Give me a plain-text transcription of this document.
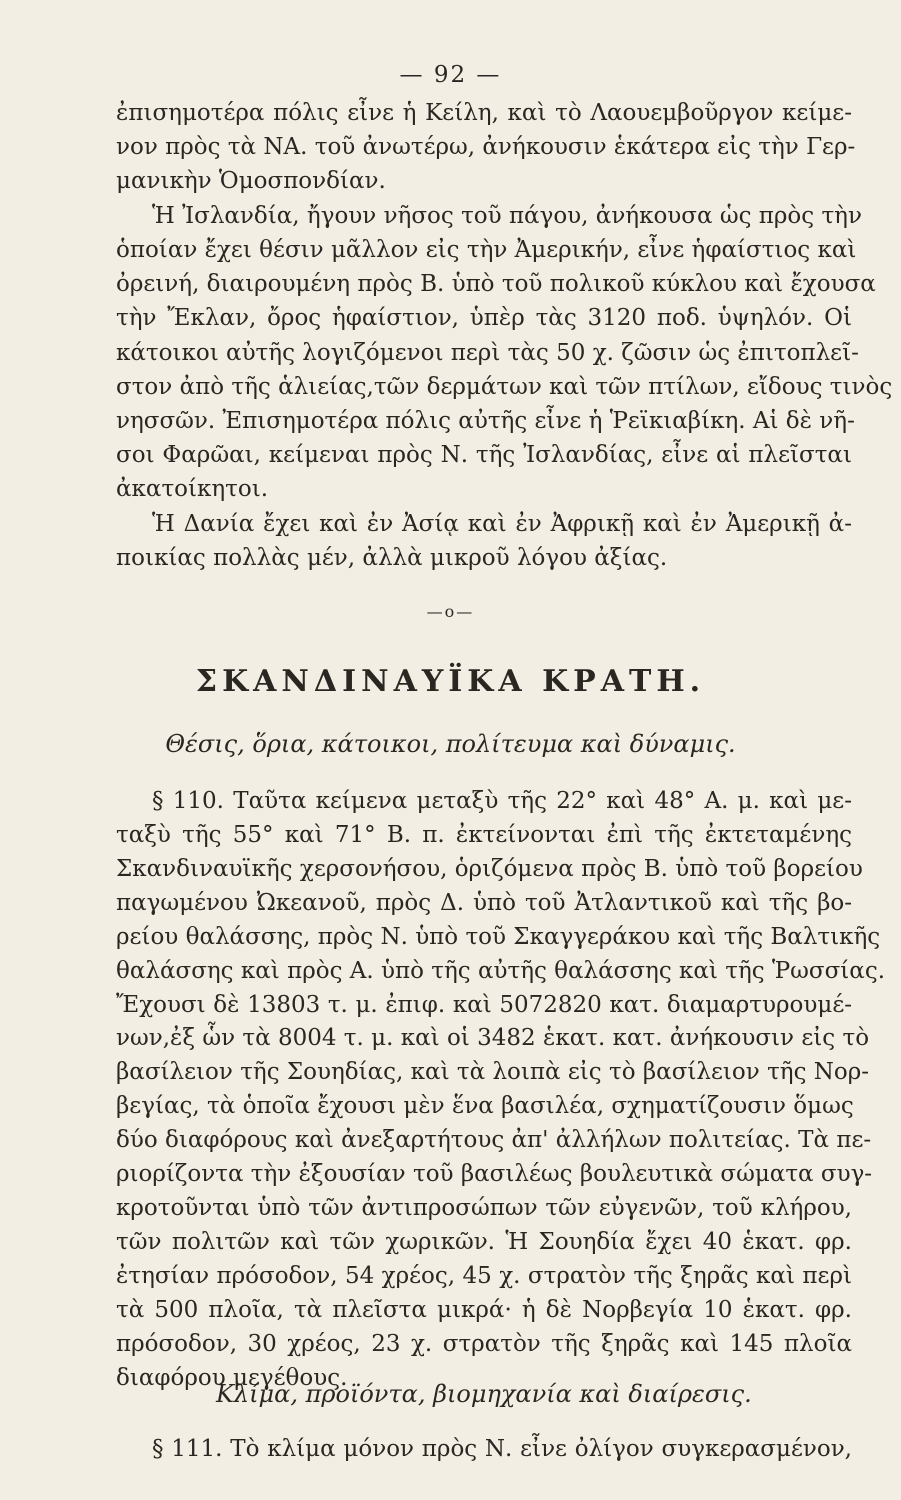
— 92 —
ἐπισημοτέρα πόλις εἶνε ἡ Κείλη, καὶ τὸ Λαουεμβοῦργον κείμε-
νον πρὸς τὰ ΝΑ. τοῦ ἀνωτέρω, ἀνήκουσιν ἑκάτερα εἰς τὴν Γερ-
μανικὴν Ὁμοσπονδίαν.
Ἡ Ἰσλανδία, ἤγουν νῆσος τοῦ πάγου, ἀνήκουσα ὡς πρὸς τὴν
ὁποίαν ἔχει θέσιν μᾶλλον εἰς τὴν Ἀμερικήν, εἶνε ἡφαίστιος καὶ
ὀρεινή, διαιρουμένη πρὸς Β. ὑπὸ τοῦ πολικοῦ κύκλου καὶ ἔχουσα
τὴν Ἔκλαν, ὄρος ἡφαίστιον, ὑπὲρ τὰς 3120 ποδ. ὑψηλόν. Οἱ
κάτοικοι αὐτῆς λογιζόμενοι περὶ τὰς 50 χ. ζῶσιν ὡς ἐπιτοπλεῖ-
στον ἀπὸ τῆς ἁλιείας,τῶν δερμάτων καὶ τῶν πτίλων, εἴδους τινὸς
νησσῶν. Ἐπισημοτέρα πόλις αὐτῆς εἶνε ἡ Ῥεϊκιαβίκη. Αἱ δὲ νῆ-
σοι Φαρῶαι, κείμεναι πρὸς Ν. τῆς Ἰσλανδίας, εἶνε αἱ πλεῖσται
ἀκατοίκητοι.
Ἡ Δανία ἔχει καὶ ἐν Ἀσίᾳ καὶ ἐν Ἀφρικῇ καὶ ἐν Ἀμερικῇ ἀ-
ποικίας πολλὰς μέν, ἀλλὰ μικροῦ λόγου ἀξίας.
—o—
ΣΚΑΝΔΙΝΑΥΪΚΑ ΚΡΑΤΗ.
Θέσις, ὅρια, κάτοικοι, πολίτευμα καὶ δύναμις.
§ 110. Ταῦτα κείμενα μεταξὺ τῆς 22° καὶ 48° Α. μ. καὶ με-
ταξὺ τῆς 55° καὶ 71° Β. π. ἐκτείνονται ἐπὶ τῆς ἐκτεταμένης
Σκανδιναυϊκῆς χερσονήσου, ὁριζόμενα πρὸς Β. ὑπὸ τοῦ βορείου
παγωμένου Ὠκεανοῦ, πρὸς Δ. ὑπὸ τοῦ Ἀτλαντικοῦ καὶ τῆς βο-
ρείου θαλάσσης, πρὸς Ν. ὑπὸ τοῦ Σκαγγεράκου καὶ τῆς Βαλτικῆς
θαλάσσης καὶ πρὸς Α. ὑπὸ τῆς αὐτῆς θαλάσσης καὶ τῆς Ῥωσσίας.
Ἔχουσι δὲ 13803 τ. μ. ἐπιφ. καὶ 5072820 κατ. διαμαρτυρουμέ-
νων,ἐξ ὧν τὰ 8004 τ. μ. καὶ οἱ 3482 ἑκατ. κατ. ἀνήκουσιν εἰς τὸ
βασίλειον τῆς Σουηδίας, καὶ τὰ λοιπὰ εἰς τὸ βασίλειον τῆς Νορ-
βεγίας, τὰ ὁποῖα ἔχουσι μὲν ἕνα βασιλέα, σχηματίζουσιν ὅμως
δύο διαφόρους καὶ ἀνεξαρτήτους ἀπ' ἀλλήλων πολιτείας. Τὰ πε-
ριορίζοντα τὴν ἐξουσίαν τοῦ βασιλέως βουλευτικὰ σώματα συγ-
κροτοῦνται ὑπὸ τῶν ἀντιπροσώπων τῶν εὐγενῶν, τοῦ κλήρου,
τῶν πολιτῶν καὶ τῶν χωρικῶν. Ἡ Σουηδία ἔχει 40 ἑκατ. φρ.
ἐτησίαν πρόσοδον, 54 χρέος, 45 χ. στρατὸν τῆς ξηρᾶς καὶ περὶ
τὰ 500 πλοῖα, τὰ πλεῖστα μικρά· ἡ δὲ Νορβεγία 10 ἑκατ. φρ.
πρόσοδον, 30 χρέος, 23 χ. στρατὸν τῆς ξηρᾶς καὶ 145 πλοῖα
διαφόρου μεγέθους.
Κλίμα, προϊόντα, βιομηχανία καὶ διαίρεσις.
§ 111. Τὸ κλίμα μόνον πρὸς Ν. εἶνε ὀλίγον συγκερασμένον,
